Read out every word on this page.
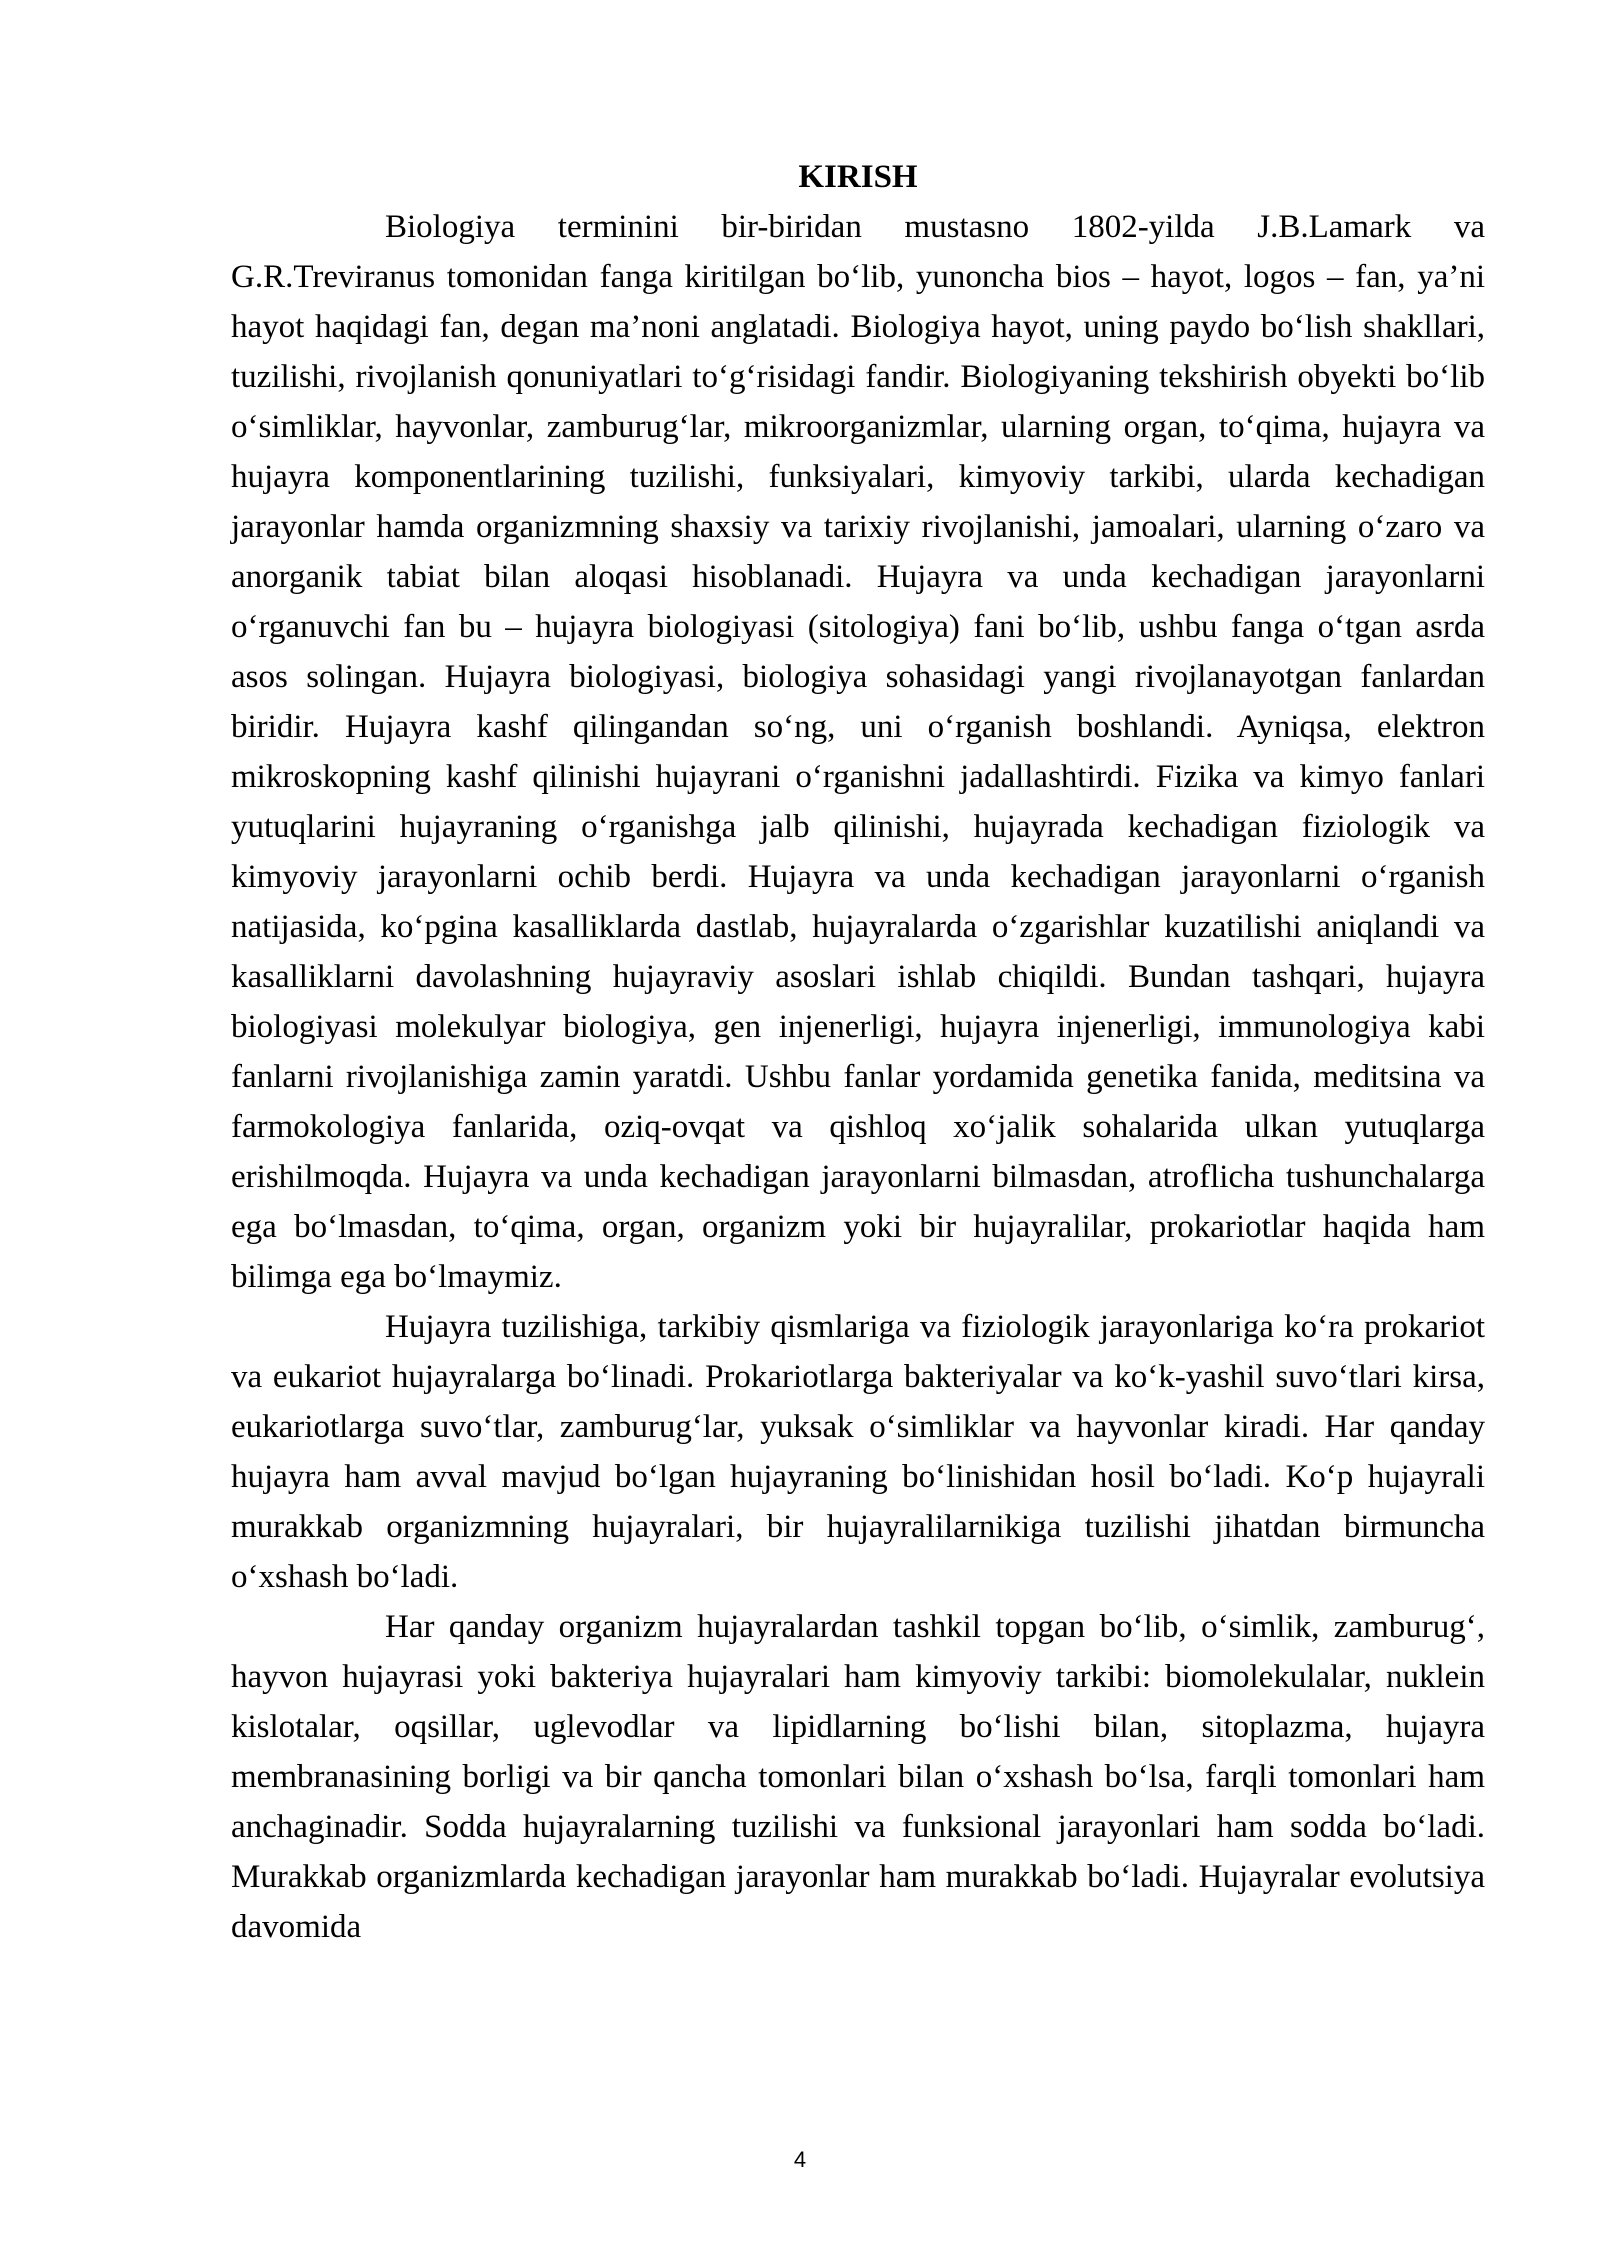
KIRISH

Biologiya terminini bir-biridan mustasno 1802-yilda J.B.Lamark va G.R.Treviranus tomonidan fanga kiritilgan bo‘lib, yunoncha bios – hayot, logos – fan, ya’ni hayot haqidagi fan, degan ma’noni anglatadi. Biologiya hayot, uning paydo bo‘lish shakllari, tuzilishi, rivojlanish qonuniyatlari to‘g‘risidagi fandir. Biologiyaning tekshirish obyekti bo‘lib o‘simliklar, hayvonlar, zamburug‘lar, mikroorganizmlar, ularning organ, to‘qima, hujayra va hujayra komponentlarining tuzilishi, funksiyalari, kimyoviy tarkibi, ularda kechadigan jarayonlar hamda organizmning shaxsiy va tarixiy rivojlanishi, jamoalari, ularning o‘zaro va anorganik tabiat bilan aloqasi hisoblanadi. Hujayra va unda kechadigan jarayonlarni o‘rganuvchi fan bu – hujayra biologiyasi (sitologiya) fani bo‘lib, ushbu fanga o‘tgan asrda asos solingan. Hujayra biologiyasi, biologiya sohasidagi yangi rivojlanayotgan fanlardan biridir. Hujayra kashf qilingandan so‘ng, uni o‘rganish boshlandi. Ayniqsa, elektron mikroskopning kashf qilinishi hujayrani o‘rganishni jadallashtirdi. Fizika va kimyo fanlari yutuqlarini hujayraning o‘rganishga jalb qilinishi, hujayrada kechadigan fiziologik va kimyoviy jarayonlarni ochib berdi. Hujayra va unda kechadigan jarayonlarni o‘rganish natijasida, ko‘pgina kasalliklarda dastlab, hujayralarda o‘zgarishlar kuzatilishi aniqlandi va kasalliklarni davolashning hujayraviy asoslari ishlab chiqildi. Bundan tashqari, hujayra biologiyasi molekulyar biologiya, gen injenerligi, hujayra injenerligi, immunologiya kabi fanlarni rivojlanishiga zamin yaratdi. Ushbu fanlar yordamida genetika fanida, meditsina va farmokologiya fanlarida, oziq-ovqat va qishloq xo‘jalik sohalarida ulkan yutuqlarga erishilmoqda. Hujayra va unda kechadigan jarayonlarni bilmasdan, atroflicha tushunchalarga ega bo‘lmasdan, to‘qima, organ, organizm yoki bir hujayralilar, prokariotlar haqida ham bilimga ega bo‘lmaymiz.

Hujayra tuzilishiga, tarkibiy qismlariga va fiziologik jarayonlariga ko‘ra prokariot va eukariot hujayralarga bo‘linadi. Prokariotlarga bakteriyalar va ko‘k-yashil suvo‘tlari kirsa, eukariotlarga suvo‘tlar, zamburug‘lar, yuksak o‘simliklar va hayvonlar kiradi. Har qanday hujayra ham avval mavjud bo‘lgan hujayraning bo‘linishidan hosil bo‘ladi. Ko‘p hujayrali murakkab organizmning hujayralari, bir hujayralilarnikiga tuzilishi jihatdan birmuncha o‘xshash bo‘ladi.

Har qanday organizm hujayralardan tashkil topgan bo‘lib, o‘simlik, zamburug‘, hayvon hujayrasi yoki bakteriya hujayralari ham kimyoviy tarkibi: biomolekulalar, nuklein kislotalar, oqsillar, uglevodlar va lipidlarning bo‘lishi bilan, sitoplazma, hujayra membranasining borligi va bir qancha tomonlari bilan o‘xshash bo‘lsa, farqli tomonlari ham anchaginadir. Sodda hujayralarning tuzilishi va funksional jarayonlari ham sodda bo‘ladi. Murakkab organizmlarda kechadigan jarayonlar ham murakkab bo‘ladi. Hujayralar evolutsiya davomida

4
